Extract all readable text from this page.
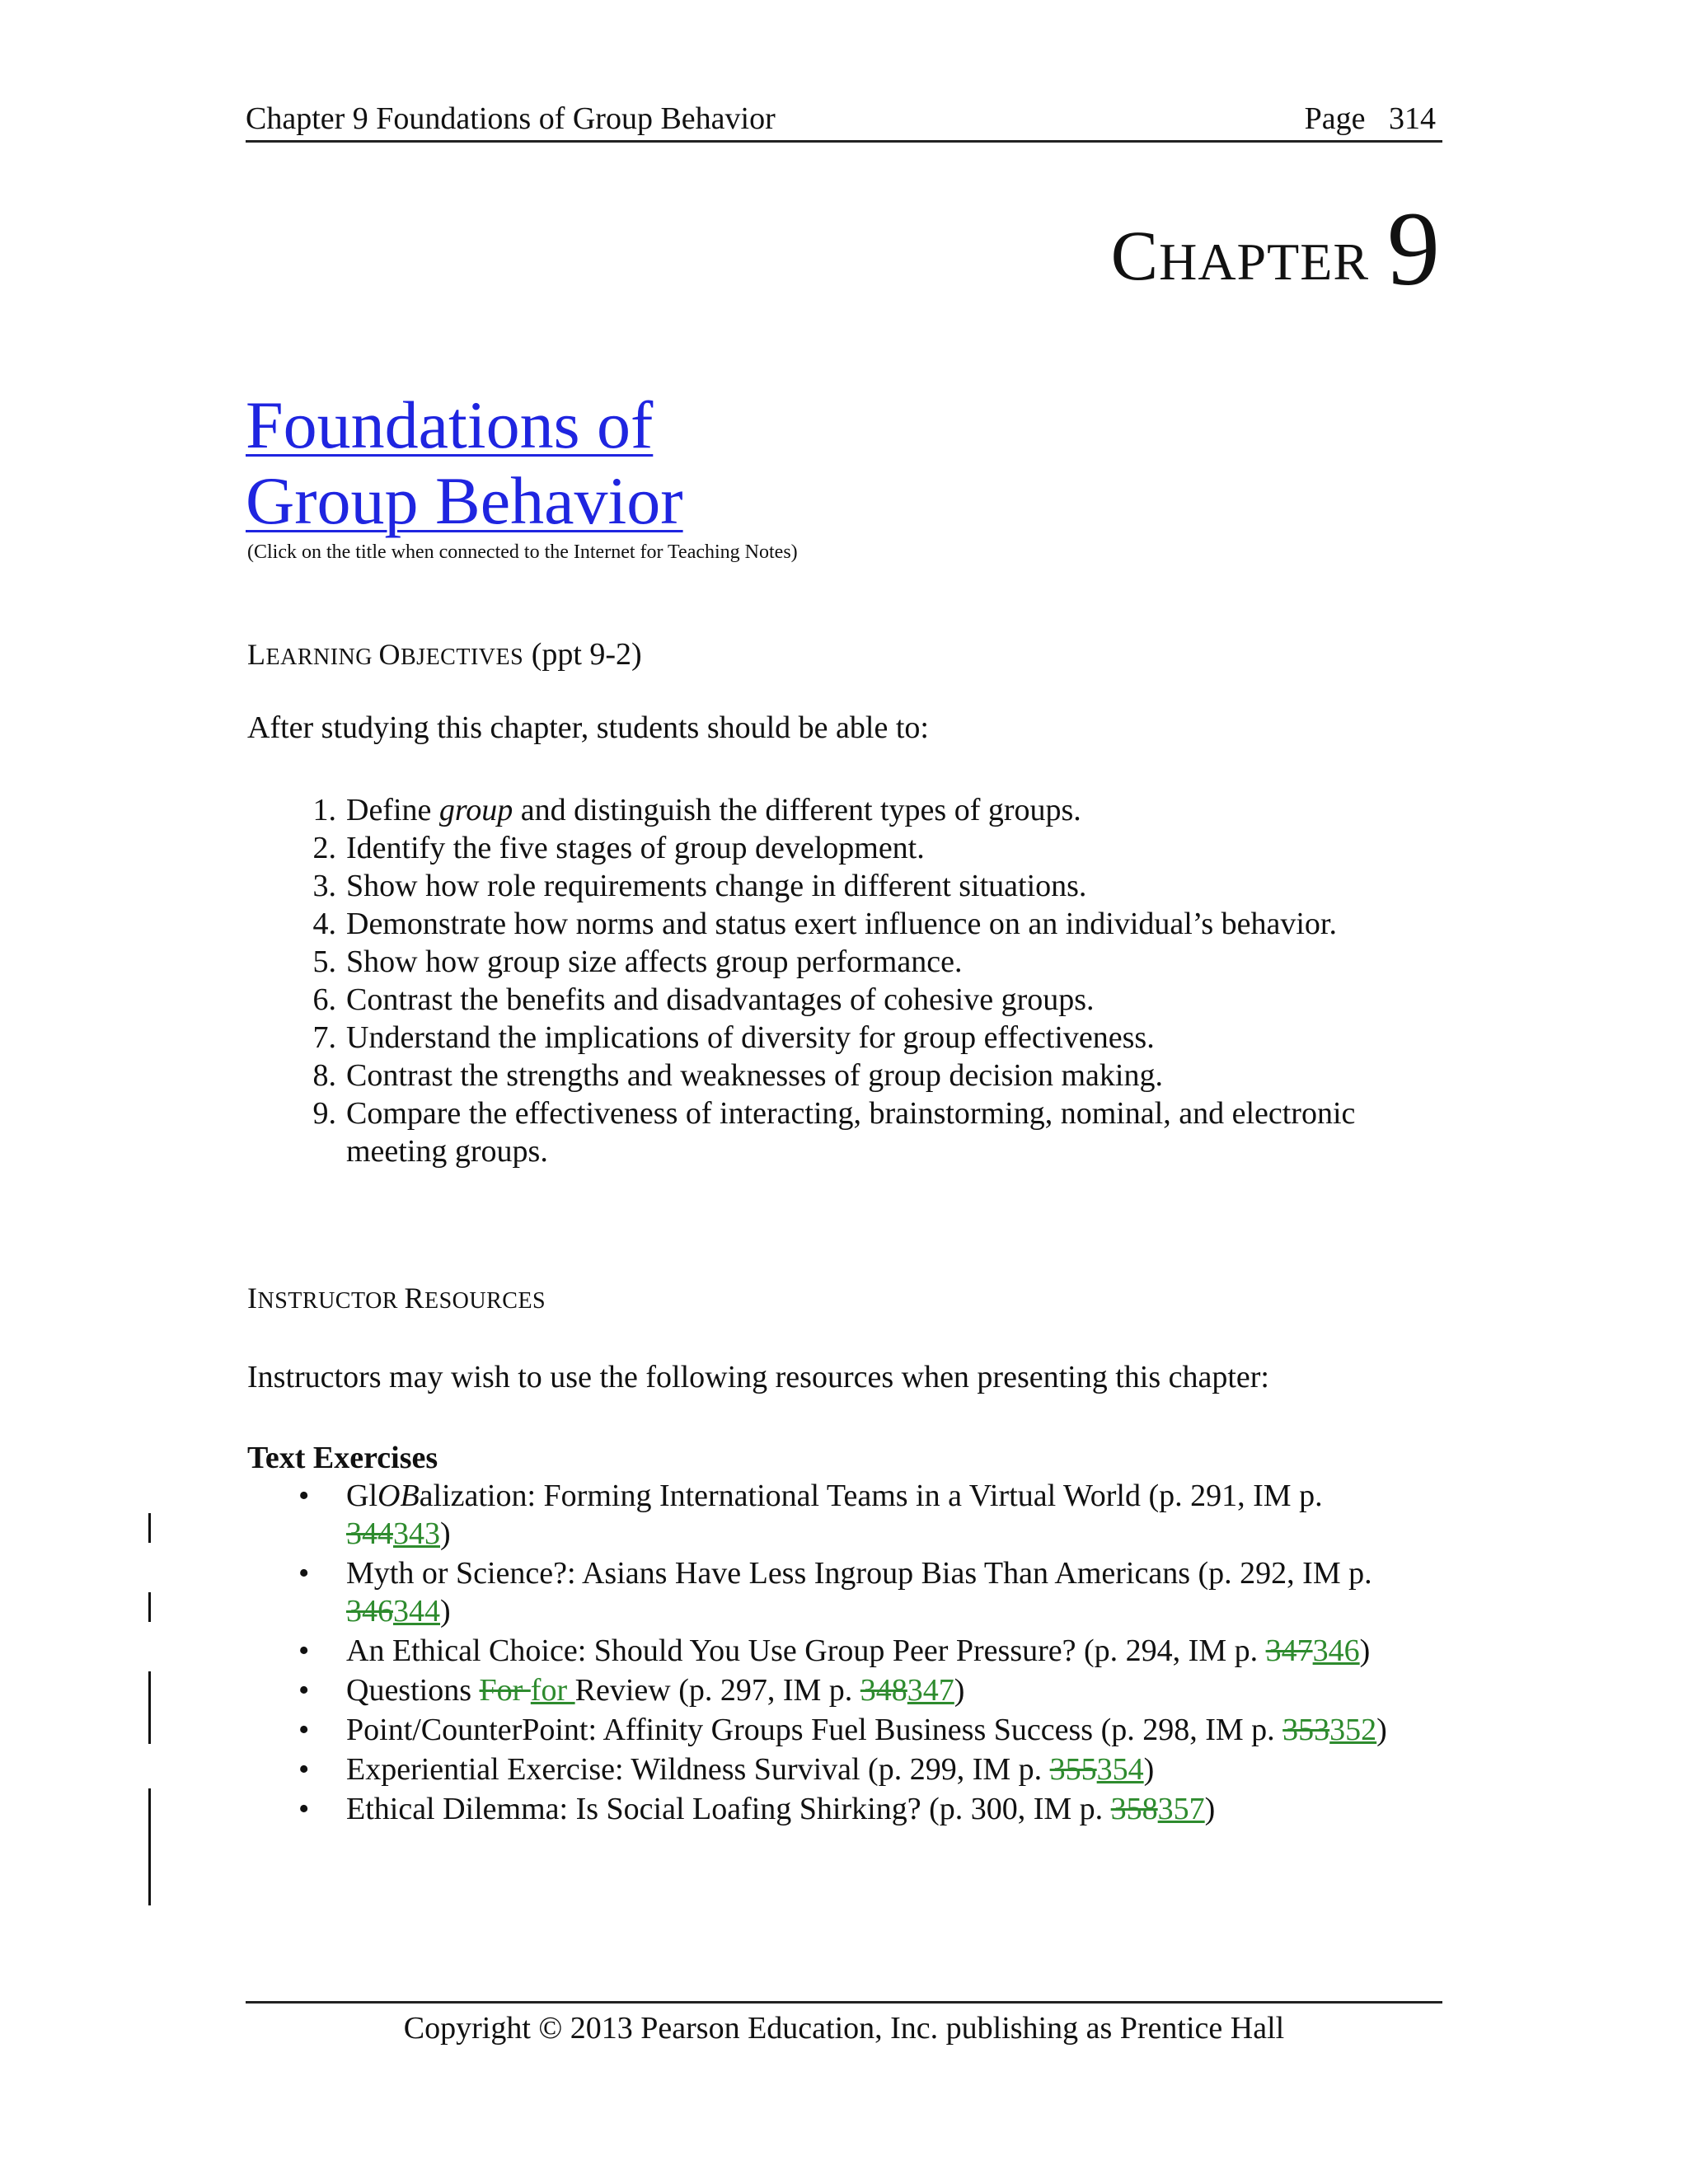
Chapter 9 Foundations of Group Behavior	Page   314
CHAPTER 9
Foundations of
Group Behavior
(Click on the title when connected to the Internet for Teaching Notes)
LEARNING OBJECTIVES (ppt 9-2)
After studying this chapter, students should be able to:
1. Define group and distinguish the different types of groups.
2. Identify the five stages of group development.
3. Show how role requirements change in different situations.
4. Demonstrate how norms and status exert influence on an individual’s behavior.
5. Show how group size affects group performance.
6. Contrast the benefits and disadvantages of cohesive groups.
7. Understand the implications of diversity for group effectiveness.
8. Contrast the strengths and weaknesses of group decision making.
9. Compare the effectiveness of interacting, brainstorming, nominal, and electronic meeting groups.
INSTRUCTOR RESOURCES
Instructors may wish to use the following resources when presenting this chapter:
Text Exercises
• GlOBalization: Forming International Teams in a Virtual World (p. 291, IM p. 344343)
• Myth or Science?: Asians Have Less Ingroup Bias Than Americans (p. 292, IM p. 346344)
• An Ethical Choice: Should You Use Group Peer Pressure? (p. 294, IM p. 347346)
• Questions For for Review (p. 297, IM p. 348347)
• Point/CounterPoint: Affinity Groups Fuel Business Success (p. 298, IM p. 353352)
• Experiential Exercise: Wildness Survival (p. 299, IM p. 355354)
• Ethical Dilemma: Is Social Loafing Shirking? (p. 300, IM p. 358357)
Copyright © 2013 Pearson Education, Inc. publishing as Prentice Hall
